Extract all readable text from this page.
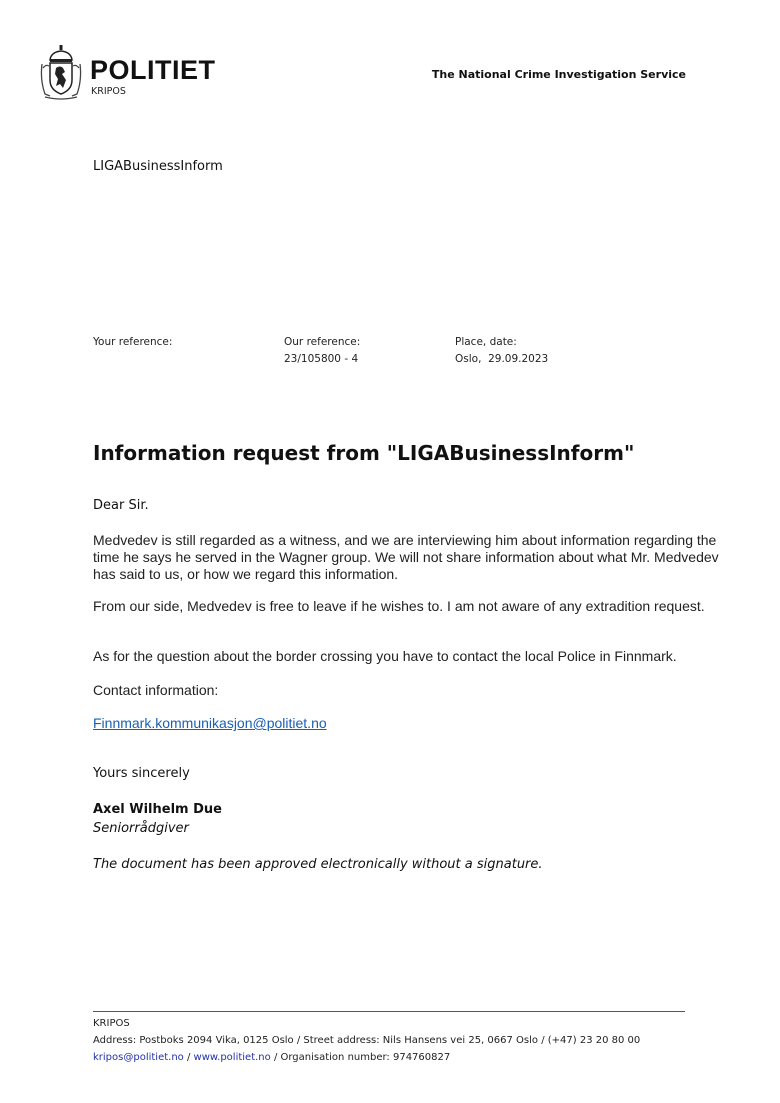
POLITIET
KRIPOS
The National Crime Investigation Service
LIGABusinessInform
Your reference:	Our reference:
23/105800 - 4
Place, date:
Oslo,  29.09.2023
Information request from "LIGABusinessInform"
Dear Sir.
Medvedev is still regarded as a witness, and we are interviewing him about information regarding the time he says he served in the Wagner group. We will not share information about what Mr. Medvedev has said to us, or how we regard this information.
From our side, Medvedev is free to leave if he wishes to. I am not aware of any extradition request.
As for the question about the border crossing you have to contact the local Police in Finnmark.
Contact information:
Finnmark.kommunikasjon@politiet.no
Yours sincerely
Axel Wilhelm Due
Seniorrådgiver
The document has been approved electronically without a signature.
KRIPOS
Address: Postboks 2094 Vika, 0125 Oslo / Street address: Nils Hansens vei 25, 0667 Oslo / (+47) 23 20 80 00
kripos@politiet.no / www.politiet.no / Organisation number: 974760827
